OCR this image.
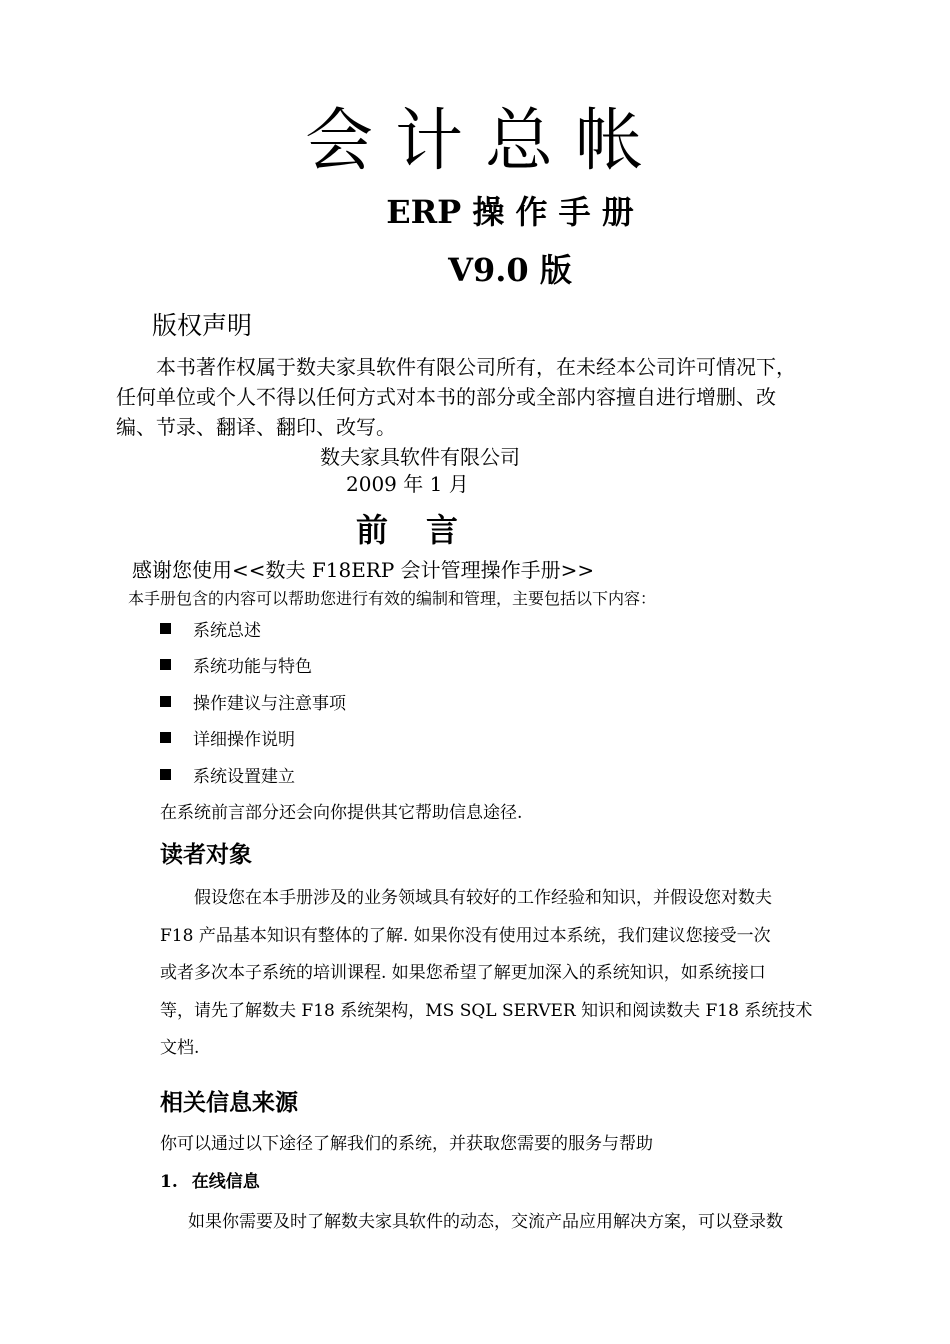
会计总帐
ERP 操 作 手 册
V9.0 版
版权声明

　　本书著作权属于数夫家具软件有限公司所有，在未经本公司许可情况下，

任何单位或个人不得以任何方式对本书的部分或全部内容擅自进行增删、改

编、节录、翻译、翻印、改写。

数夫家具软件有限公司
2009 年 1 月
前言
感谢您使用<<数夫 F18ERP 会计管理操作手册>>
本手册包含的内容可以帮助您进行有效的编制和管理，主要包括以下内容：
系统总述
系统功能与特色
操作建议与注意事项
详细操作说明
系统设置建立
在系统前言部分还会向你提供其它帮助信息途径.
读者对象

　　假设您在本手册涉及的业务领域具有较好的工作经验和知识，并假设您对数夫

F18 产品基本知识有整体的了解. 如果你没有使用过本系统，我们建议您接受一次

或者多次本子系统的培训课程. 如果您希望了解更加深入的系统知识，如系统接口

等，请先了解数夫 F18 系统架构，MS SQL SERVER 知识和阅读数夫 F18 系统技术

文档.

相关信息来源
你可以通过以下途径了解我们的系统，并获取您需要的服务与帮助
1. 在线信息
如果你需要及时了解数夫家具软件的动态，交流产品应用解决方案，可以登录数
